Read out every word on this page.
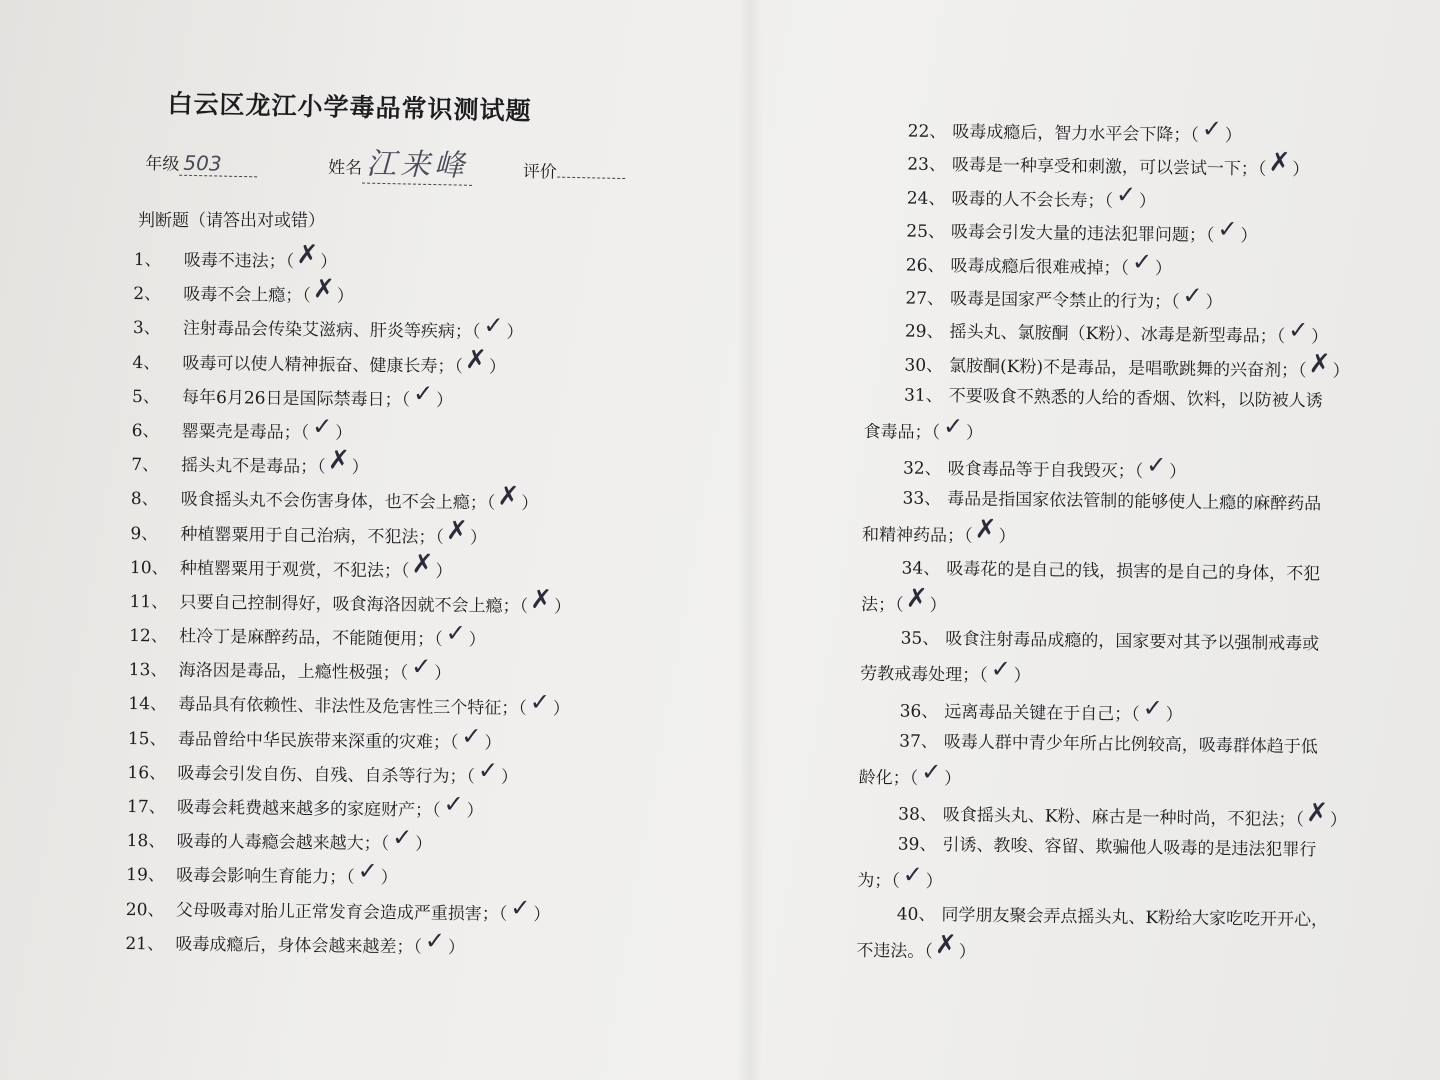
白云区龙江小学毒品常识测试题
年级 503	姓名 江来峰	评价
判断题（请答出对或错）
1、 吸毒不违法；（✗ ）
2、 吸毒不会上瘾；（✗ ）
3、 注射毒品会传染艾滋病、肝炎等疾病；（ ✓ ）
4、 吸毒可以使人精神振奋、健康长寿；（✗ ）
5、 每年6月26日是国际禁毒日；（ ✓ ）
6、 罂粟壳是毒品；（ ✓ ）
7、 摇头丸不是毒品；（✗ ）
8、 吸食摇头丸不会伤害身体，也不会上瘾；（✗ ）
9、 种植罂粟用于自己治病，不犯法；（✗ ）
10、 种植罂粟用于观赏，不犯法；（✗ ）
11、 只要自己控制得好，吸食海洛因就不会上瘾；（✗ ）
12、 杜冷丁是麻醉药品，不能随便用；（ ✓ ）
13、 海洛因是毒品，上瘾性极强；（ ✓ ）
14、 毒品具有依赖性、非法性及危害性三个特征；（ ✓ ）
15、 毒品曾给中华民族带来深重的灾难；（ ✓ ）
16、 吸毒会引发自伤、自残、自杀等行为；（ ✓ ）
17、 吸毒会耗费越来越多的家庭财产；（ ✓ ）
18、 吸毒的人毒瘾会越来越大；（ ✓ ）
19、 吸毒会影响生育能力；（ ✓ ）
20、 父母吸毒对胎儿正常发育会造成严重损害；（ ✓ ）
21、 吸毒成瘾后，身体会越来越差；（ ✓ ）
22、 吸毒成瘾后，智力水平会下降；（ ✓ ）
23、 吸毒是一种享受和刺激，可以尝试一下；（✗）
24、 吸毒的人不会长寿；（ ✓ ）
25、 吸毒会引发大量的违法犯罪问题；（ ✓ ）
26、 吸毒成瘾后很难戒掉；（ ✓ ）
27、 吸毒是国家严令禁止的行为；（ ✓ ）
29、 摇头丸、氯胺酮（K粉）、冰毒是新型毒品；（ ✓ ）
30、 氯胺酮(K粉)不是毒品，是唱歌跳舞的兴奋剂；（✗）
31、 不要吸食不熟悉的人给的香烟、饮料，以防被人诱
食毒品；（ ✓ ）
32、 吸食毒品等于自我毁灭；（ ✓ ）
33、 毒品是指国家依法管制的能够使人上瘾的麻醉药品
和精神药品；（✗）
34、 吸毒花的是自己的钱，损害的是自己的身体，不犯
法；（✗）
35、 吸食注射毒品成瘾的，国家要对其予以强制戒毒或
劳教戒毒处理；（ ✓ ）
36、 远离毒品关键在于自己；（ ✓ ）
37、 吸毒人群中青少年所占比例较高，吸毒群体趋于低
龄化；（ ✓ ）
38、 吸食摇头丸、K粉、麻古是一种时尚，不犯法；（✗）
39、 引诱、教唆、容留、欺骗他人吸毒的是违法犯罪行
为；（ ✓ ）
40、 同学朋友聚会弄点摇头丸、K粉给大家吃吃开开心，
不违法。（✗）
